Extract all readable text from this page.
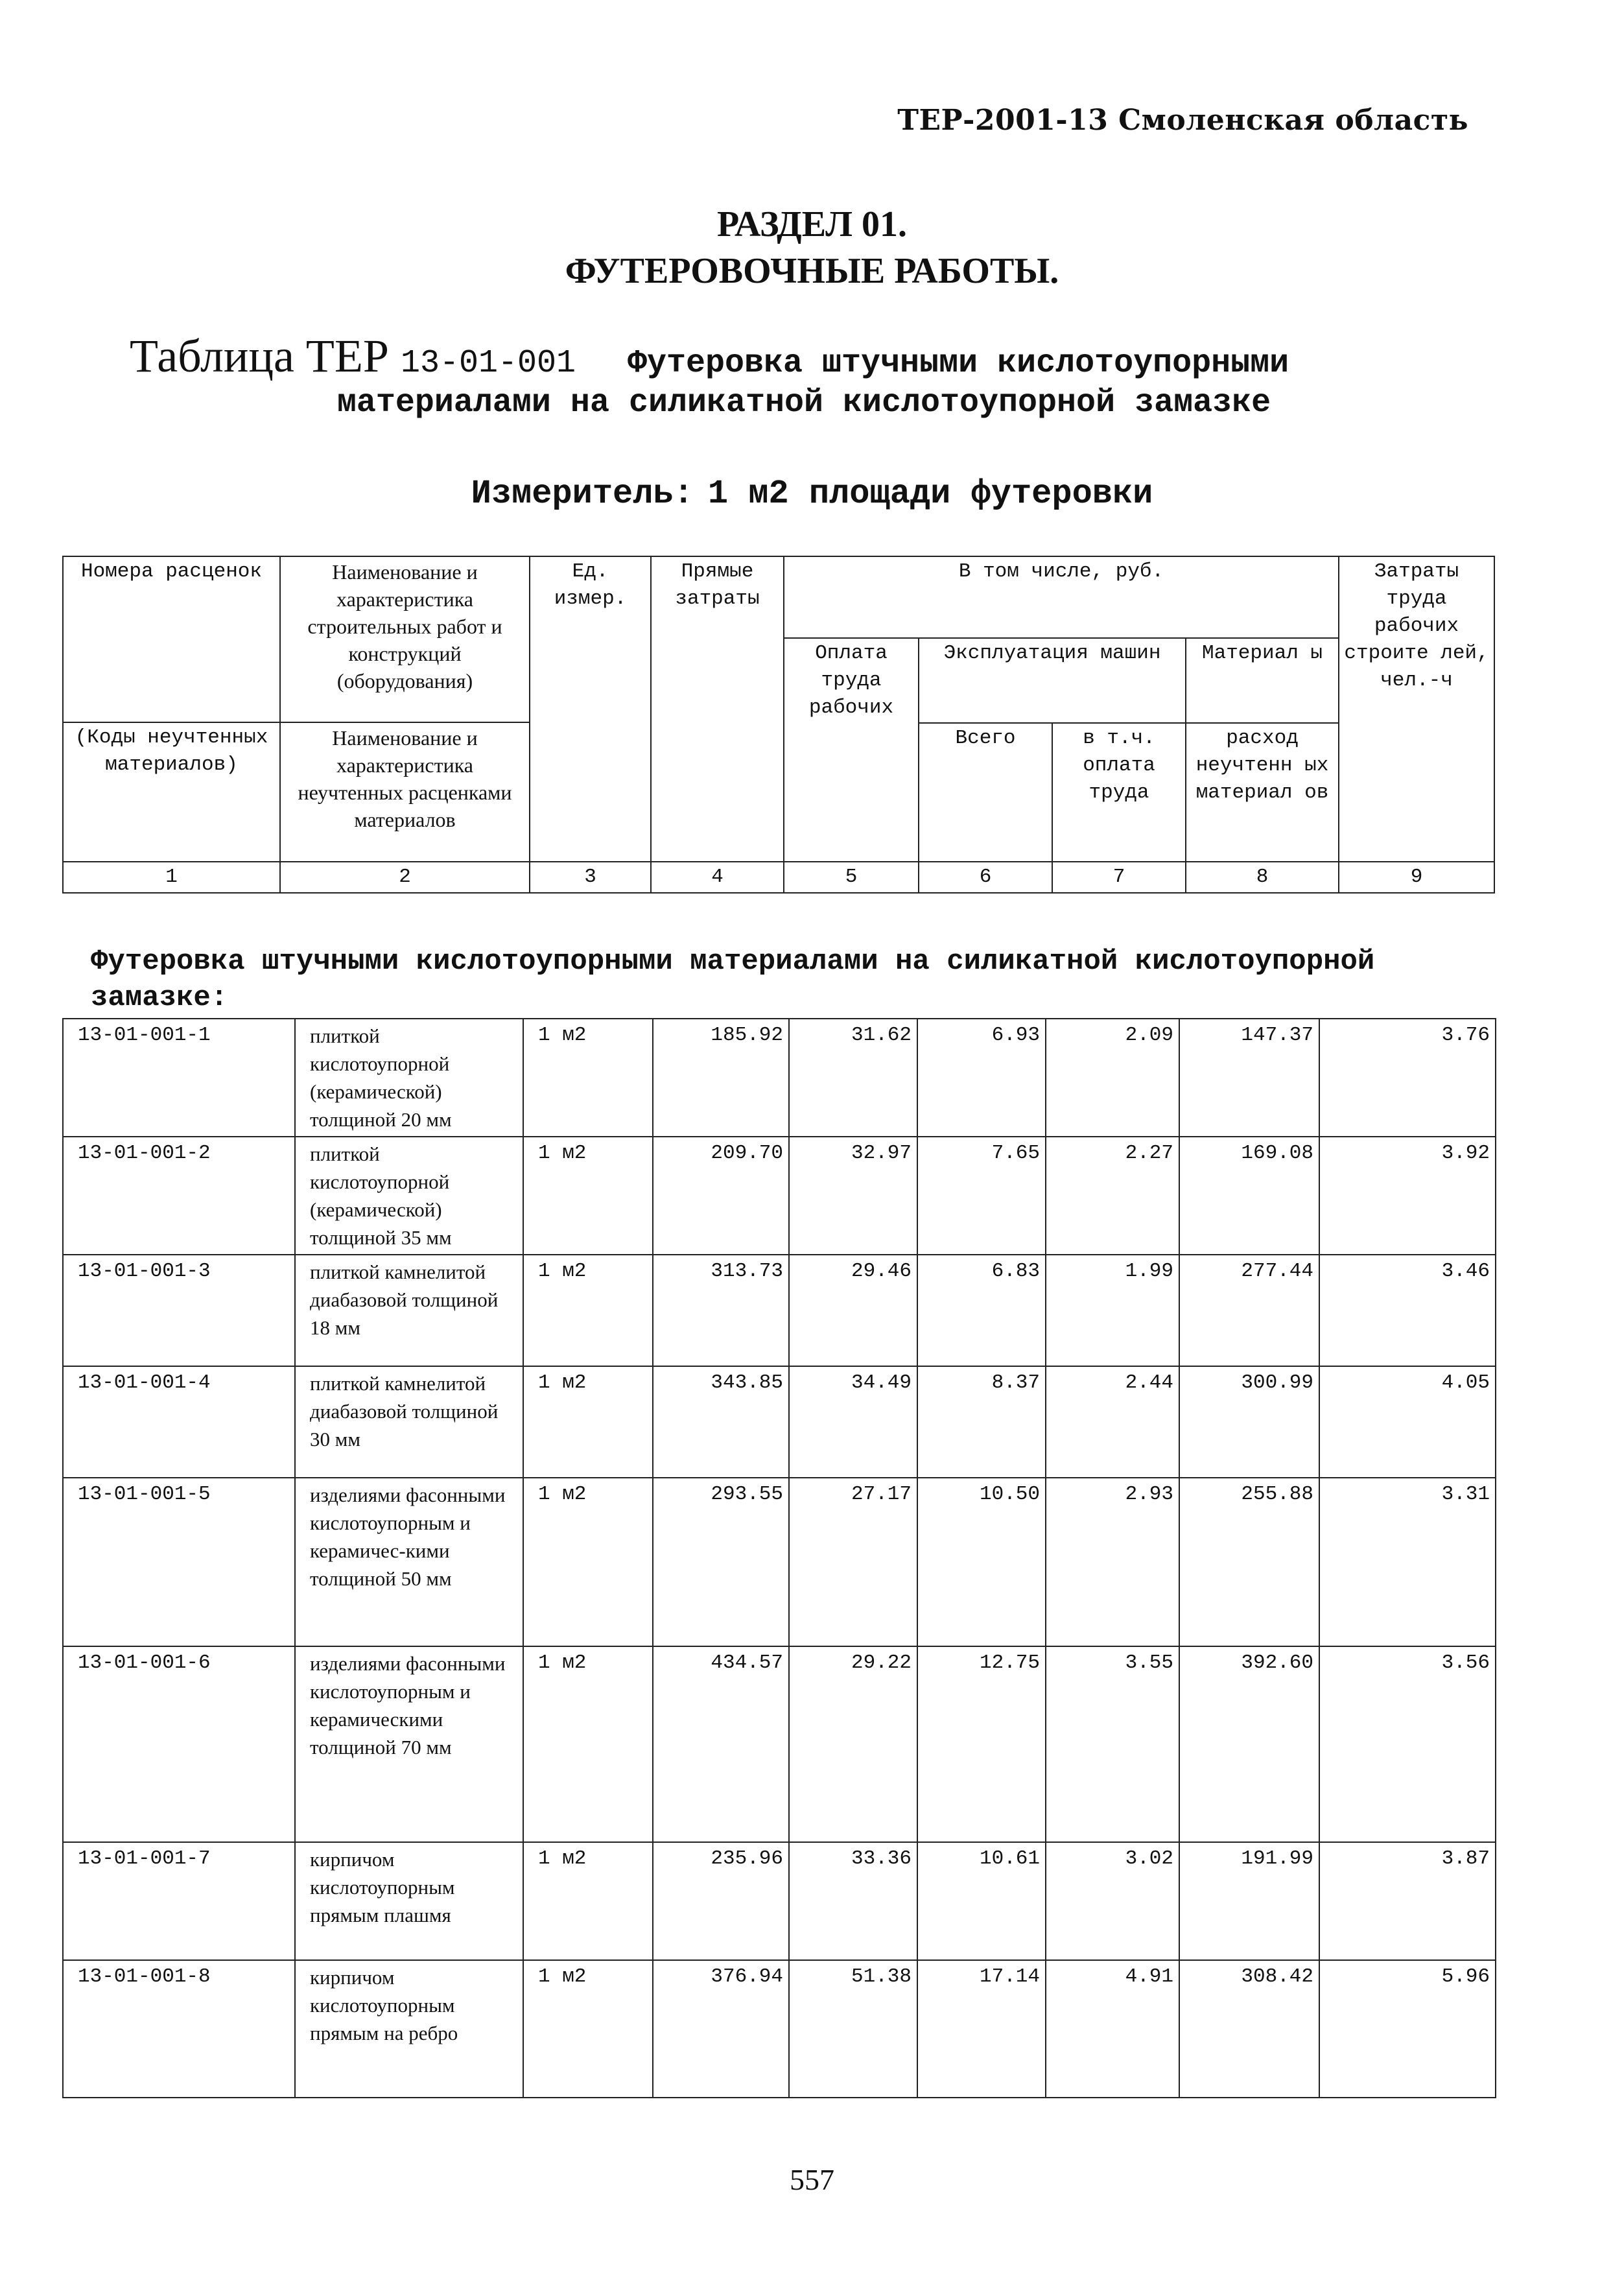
ТЕР-2001-13 Смоленская область
РАЗДЕЛ 01.
ФУТЕРОВОЧНЫЕ РАБОТЫ.
Таблица ТЕР 13-01-001 Футеровка штучными кислотоупорными
материалами на силикатной кислотоупорной замазке
Измеритель: 1 м2 площади футеровки
Номера расценок	Наименование и характеристика строительных работ и конструкций (оборудования)	Ед. измер.	Прямые затраты	В том числе, руб.				Затраты труда рабочих строите лей, чел.-ч
				Оплата труда рабочих	Эксплуатация машин		Материал ы	
(Коды неучтенных материалов)	Наименование и характеристика неучтенных расценками материалов							
					Всего	в т.ч. оплата труда	расход неучтенн ых материал ов	
1	2	3	4	5	6	7	8	9
Футеровка штучными кислотоупорными материалами на силикатной кислотоупорной замазке:
13-01-001-1	плиткой кислотоупорной (керамической) толщиной 20 мм	1 м2	185.92	31.62	6.93	2.09	147.37	3.76
13-01-001-2	плиткой кислотоупорной (керамической) толщиной 35 мм	1 м2	209.70	32.97	7.65	2.27	169.08	3.92
13-01-001-3	плиткой камнелитой диабазовой толщиной 18 мм	1 м2	313.73	29.46	6.83	1.99	277.44	3.46
13-01-001-4	плиткой камнелитой диабазовой толщиной 30 мм	1 м2	343.85	34.49	8.37	2.44	300.99	4.05
13-01-001-5	изделиями фасонными кислотоупорным и керамичес-кими толщиной 50 мм	1 м2	293.55	27.17	10.50	2.93	255.88	3.31
13-01-001-6	изделиями фасонными кислотоупорным и керамическими толщиной 70 мм	1 м2	434.57	29.22	12.75	3.55	392.60	3.56
13-01-001-7	кирпичом кислотоупорным прямым плашмя	1 м2	235.96	33.36	10.61	3.02	191.99	3.87
13-01-001-8	кирпичом кислотоупорным прямым на ребро	1 м2	376.94	51.38	17.14	4.91	308.42	5.96
557
